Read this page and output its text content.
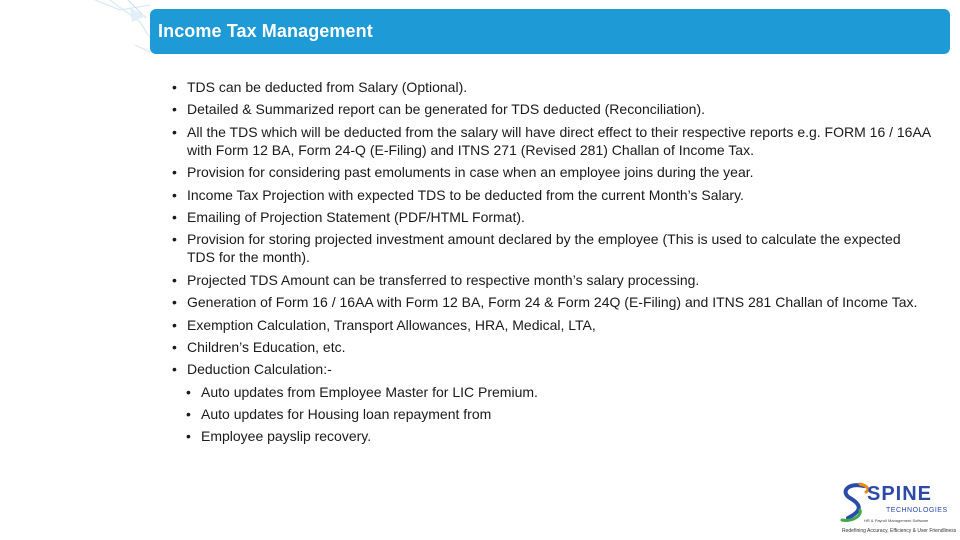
Income Tax Management
• TDS can be deducted from Salary (Optional).
• Detailed & Summarized report can be generated for TDS deducted (Reconciliation).
• All the TDS which will be deducted from the salary will have direct effect to their respective reports e.g. FORM 16 / 16AA with Form 12 BA, Form 24-Q (E-Filing) and ITNS 271 (Revised 281) Challan of Income Tax.
• Provision for considering past emoluments in case when an employee joins during the year.
• Income Tax Projection with expected TDS to be deducted from the current Month’s Salary.
• Emailing of Projection Statement (PDF/HTML Format).
• Provision for storing projected investment amount declared by the employee (This is used to calculate the expected TDS for the month).
• Projected TDS Amount can be transferred to respective month’s salary processing.
• Generation of Form 16 / 16AA with Form 12 BA, Form 24 & Form 24Q (E-Filing) and ITNS 281 Challan of Income Tax.
• Exemption Calculation, Transport Allowances, HRA, Medical, LTA,
• Children’s Education, etc.
• Deduction Calculation:-
• Auto updates from Employee Master for LIC Premium.
• Auto updates for Housing loan repayment from
• Employee payslip recovery.
SPINE
TECHNOLOGIES
HR & Payroll Management Software
Redefining Accuracy, Efficiency & User Friendliness
